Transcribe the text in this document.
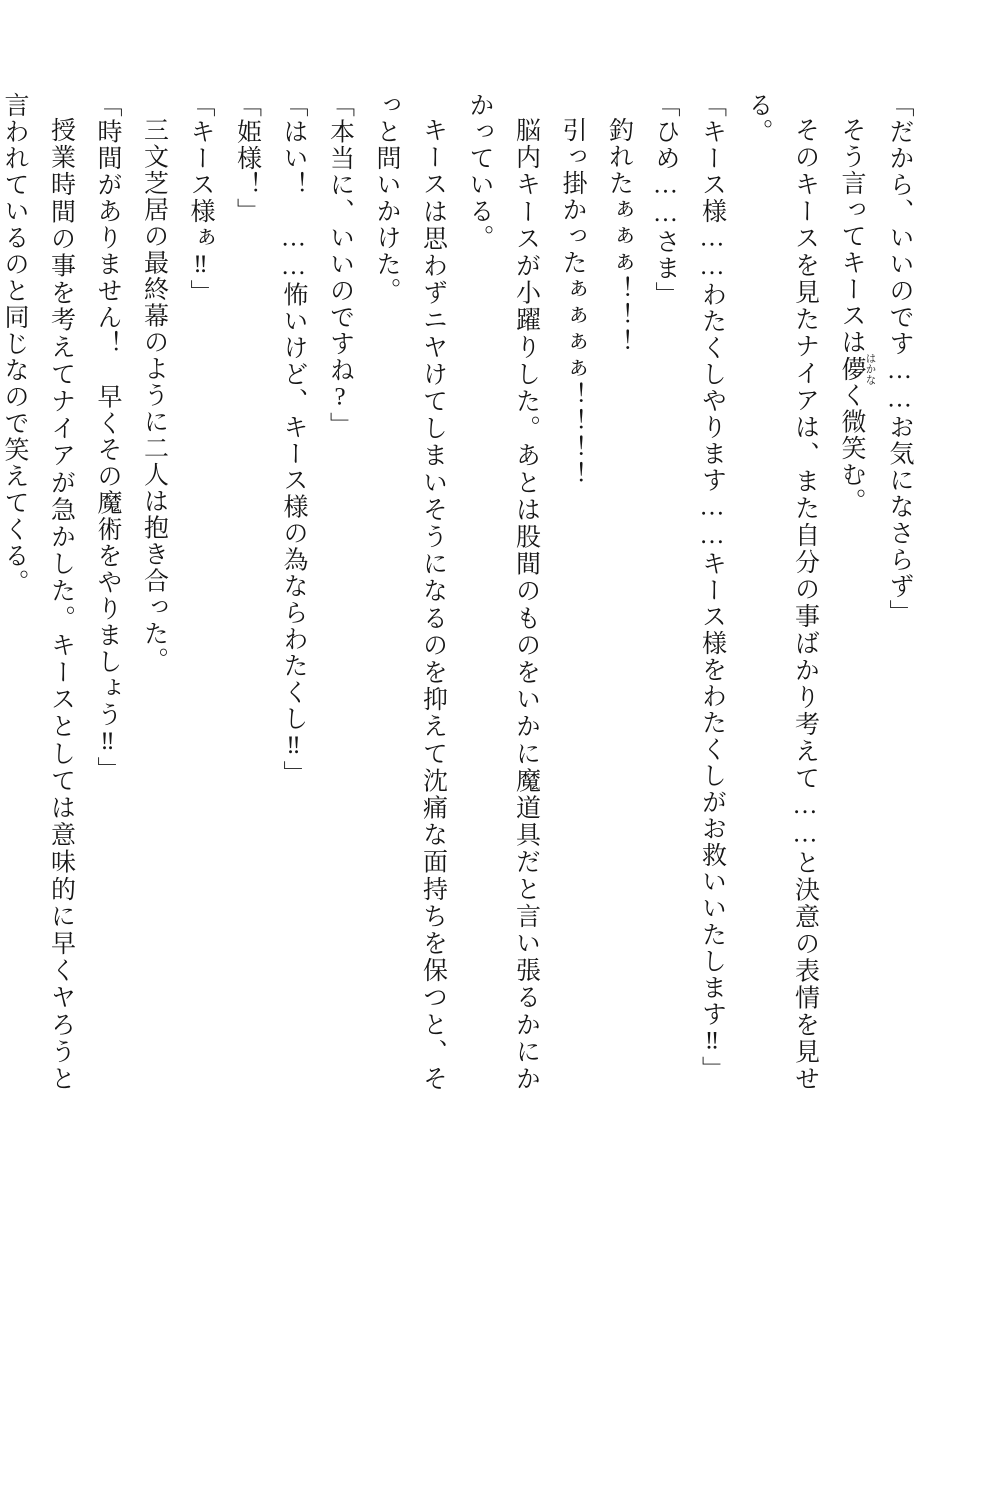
「だから、いいのです……お気になさらず」

そう言ってキースは儚 はかなく微笑む。

そのキースを見たナイアは、また自分の事ばかり考えて……と決意の表情を見せる。

「キース様……わたくしやります……キース様をわたくしがお救いいたします‼」

「ひめ……さま」

釣れたぁぁぁ！！！

引っ掛かったぁぁぁぁ！！！！

脳内キースが小躍りした。あとは股間のものをいかに魔道具だと言い張るかにかかっている。

キースは思わずニヤけてしまいそうになるのを抑えて沈痛な面持ちを保つと、そっと問いかけた。

「本当に、いいのですね?」

「はい！　……怖いけど、キース様の為ならわたくし‼」

「姫様！」

「キース様ぁ‼」

三文芝居の最終幕のように二人は抱き合った。

「時間がありません！　早くその魔術をやりましょう‼」

授業時間の事を考えてナイアが急かした。キースとしては意味的に早くヤろうと言われているのと同じなので笑えてくる。
